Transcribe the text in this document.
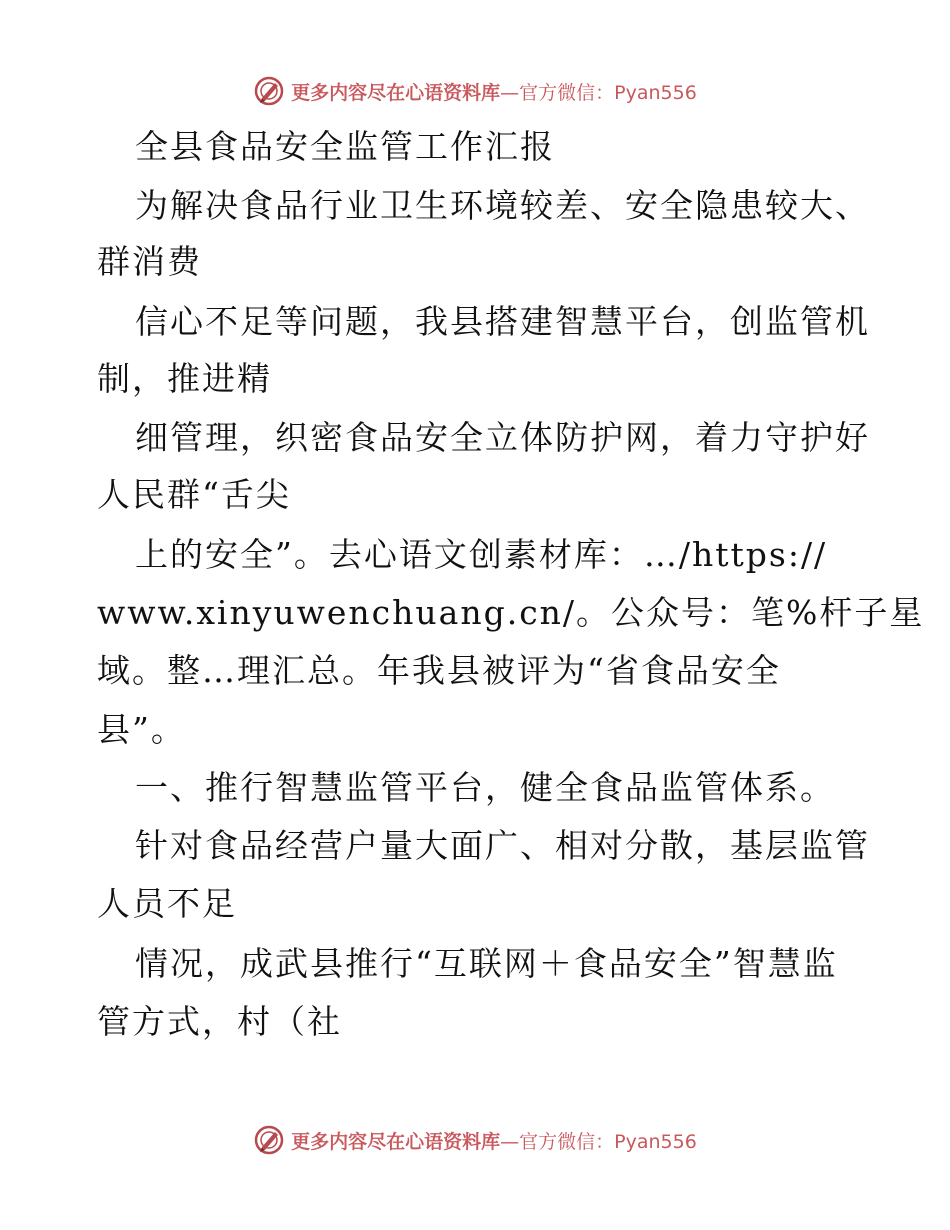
更多内容尽在心语资料库—官方微信：Pyan556
全县食品安全监管工作汇报
为解决食品行业卫生环境较差、安全隐患较大、
群消费
信心不足等问题，我县搭建智慧平台，创监管机
制，推进精
细管理，织密食品安全立体防护网，着力守护好
人民群“舌尖
上的安全”。去心语文创素材库：…/https://
www.xinyuwenchuang.cn/。公众号：笔%杆子星
域。整…理汇总。年我县被评为“省食品安全
县”。
一、推行智慧监管平台，健全食品监管体系。
针对食品经营户量大面广、相对分散，基层监管
人员不足
情况，成武县推行“互联网＋食品安全”智慧监
管方式，村（社
更多内容尽在心语资料库—官方微信：Pyan556
